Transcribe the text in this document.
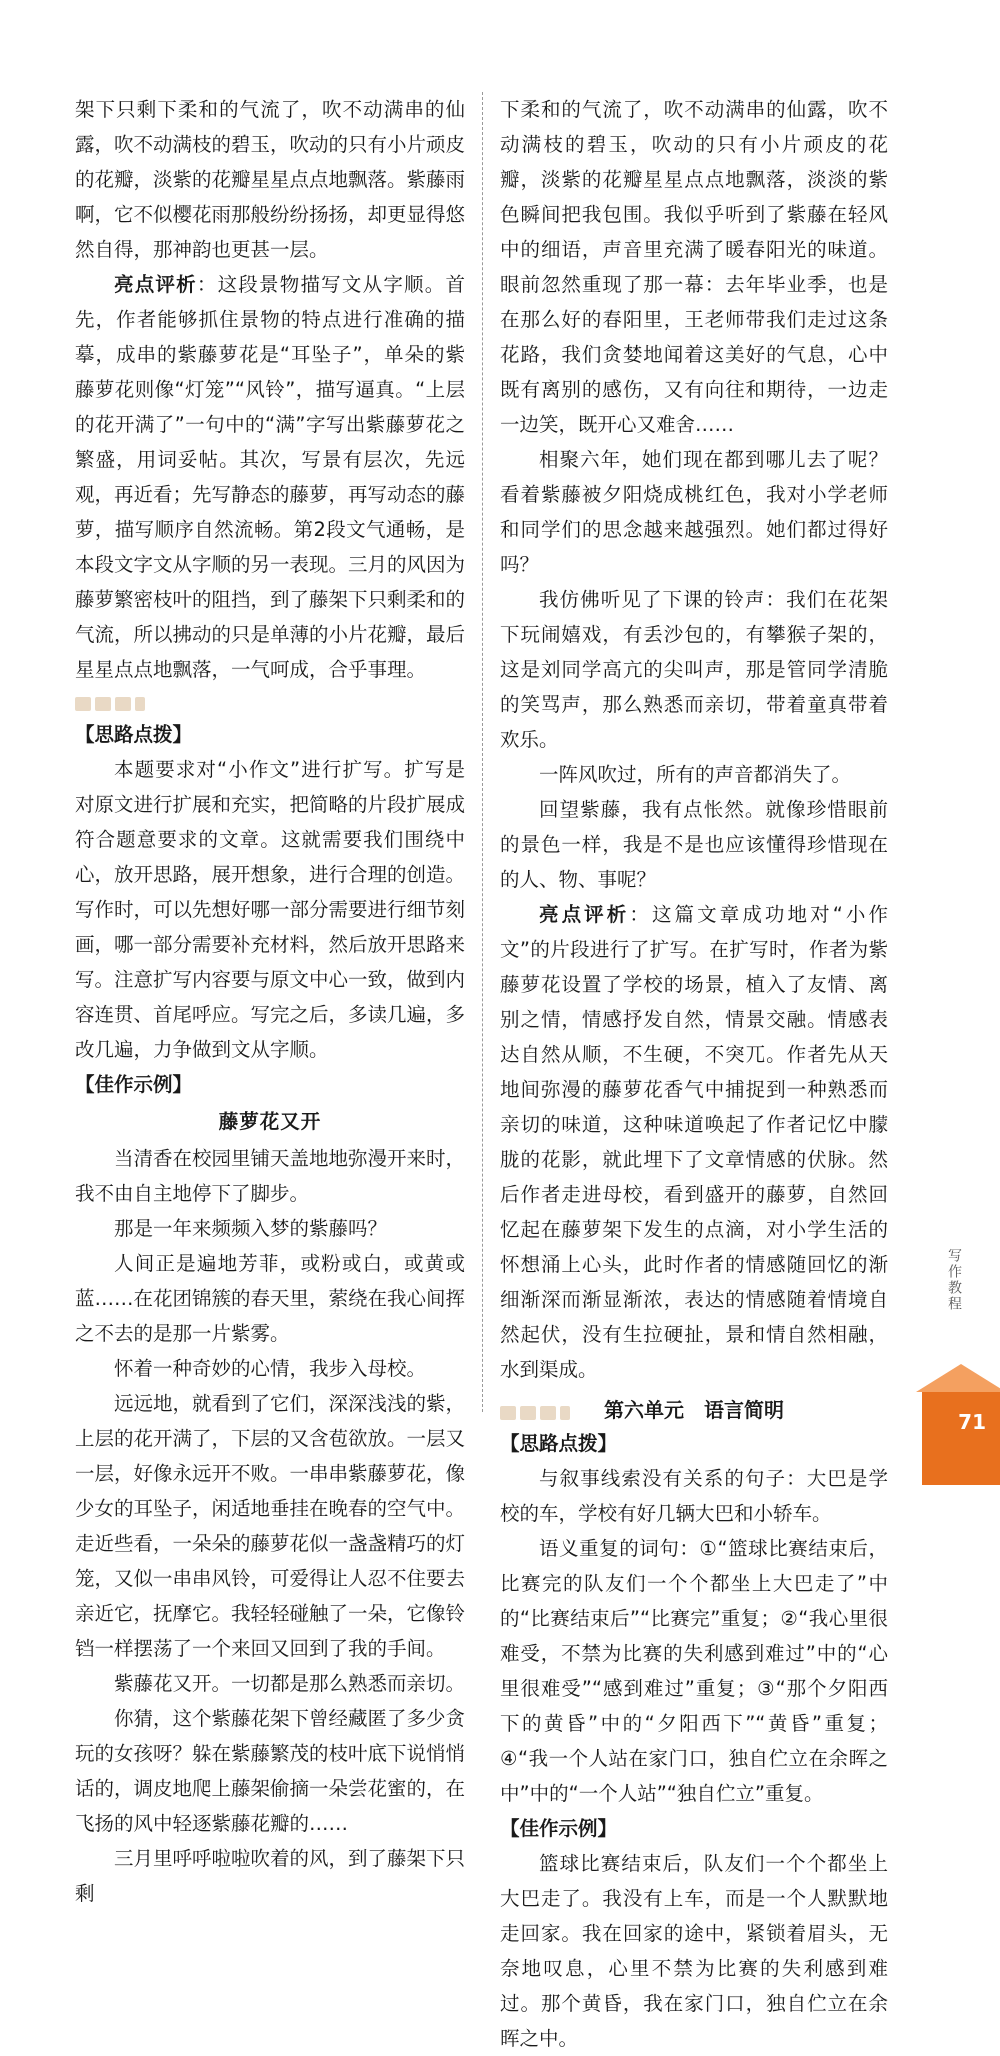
架下只剩下柔和的气流了，吹不动满串的仙露，吹不动满枝的碧玉，吹动的只有小片顽皮的花瓣，淡紫的花瓣星星点点地飘落。紫藤雨啊，它不似樱花雨那般纷纷扬扬，却更显得悠然自得，那神韵也更甚一层。

亮点评析：这段景物描写文从字顺。首先，作者能够抓住景物的特点进行准确的描摹，成串的紫藤萝花是“耳坠子”，单朵的紫藤萝花则像“灯笼”“风铃”，描写逼真。“上层的花开满了”一句中的“满”字写出紫藤萝花之繁盛，用词妥帖。其次，写景有层次，先远观，再近看；先写静态的藤萝，再写动态的藤萝，描写顺序自然流畅。第2段文气通畅，是本段文字文从字顺的另一表现。三月的风因为藤萝繁密枝叶的阻挡，到了藤架下只剩柔和的气流，所以拂动的只是单薄的小片花瓣，最后星星点点地飘落，一气呵成，合乎事理。

【思路点拨】

本题要求对“小作文”进行扩写。扩写是对原文进行扩展和充实，把简略的片段扩展成符合题意要求的文章。这就需要我们围绕中心，放开思路，展开想象，进行合理的创造。写作时，可以先想好哪一部分需要进行细节刻画，哪一部分需要补充材料，然后放开思路来写。注意扩写内容要与原文中心一致，做到内容连贯、首尾呼应。写完之后，多读几遍，多改几遍，力争做到文从字顺。

【佳作示例】

藤萝花又开

当清香在校园里铺天盖地地弥漫开来时，我不由自主地停下了脚步。

那是一年来频频入梦的紫藤吗？

人间正是遍地芳菲，或粉或白，或黄或蓝……在花团锦簇的春天里，萦绕在我心间挥之不去的是那一片紫雾。

怀着一种奇妙的心情，我步入母校。

远远地，就看到了它们，深深浅浅的紫，上层的花开满了，下层的又含苞欲放。一层又一层，好像永远开不败。一串串紫藤萝花，像少女的耳坠子，闲适地垂挂在晚春的空气中。走近些看，一朵朵的藤萝花似一盏盏精巧的灯笼，又似一串串风铃，可爱得让人忍不住要去亲近它，抚摩它。我轻轻碰触了一朵，它像铃铛一样摆荡了一个来回又回到了我的手间。

紫藤花又开。一切都是那么熟悉而亲切。

你猜，这个紫藤花架下曾经藏匿了多少贪玩的女孩呀？躲在紫藤繁茂的枝叶底下说悄悄话的，调皮地爬上藤架偷摘一朵尝花蜜的，在飞扬的风中轻逐紫藤花瓣的……

三月里呼呼啦啦吹着的风，到了藤架下只剩

下柔和的气流了，吹不动满串的仙露，吹不动满枝的碧玉，吹动的只有小片顽皮的花瓣，淡紫的花瓣星星点点地飘落，淡淡的紫色瞬间把我包围。我似乎听到了紫藤在轻风中的细语，声音里充满了暖春阳光的味道。眼前忽然重现了那一幕：去年毕业季，也是在那么好的春阳里，王老师带我们走过这条花路，我们贪婪地闻着这美好的气息，心中既有离别的感伤，又有向往和期待，一边走一边笑，既开心又难舍……

相聚六年，她们现在都到哪儿去了呢？看着紫藤被夕阳烧成桃红色，我对小学老师和同学们的思念越来越强烈。她们都过得好吗？

我仿佛听见了下课的铃声：我们在花架下玩闹嬉戏，有丢沙包的，有攀猴子架的，这是刘同学高亢的尖叫声，那是管同学清脆的笑骂声，那么熟悉而亲切，带着童真带着欢乐。

一阵风吹过，所有的声音都消失了。

回望紫藤，我有点怅然。就像珍惜眼前的景色一样，我是不是也应该懂得珍惜现在的人、物、事呢？

亮点评析：这篇文章成功地对“小作文”的片段进行了扩写。在扩写时，作者为紫藤萝花设置了学校的场景，植入了友情、离别之情，情感抒发自然，情景交融。情感表达自然从顺，不生硬，不突兀。作者先从天地间弥漫的藤萝花香气中捕捉到一种熟悉而亲切的味道，这种味道唤起了作者记忆中朦胧的花影，就此埋下了文章情感的伏脉。然后作者走进母校，看到盛开的藤萝，自然回忆起在藤萝架下发生的点滴，对小学生活的怀想涌上心头，此时作者的情感随回忆的渐细渐深而渐显渐浓，表达的情感随着情境自然起伏，没有生拉硬扯，景和情自然相融，水到渠成。

第六单元　语言简明

【思路点拨】

与叙事线索没有关系的句子：大巴是学校的车，学校有好几辆大巴和小轿车。

语义重复的词句：①“篮球比赛结束后，比赛完的队友们一个个都坐上大巴走了”中的“比赛结束后”“比赛完”重复；②“我心里很难受，不禁为比赛的失利感到难过”中的“心里很难受”“感到难过”重复；③“那个夕阳西下的黄昏”中的“夕阳西下”“黄昏”重复；④“我一个人站在家门口，独自伫立在余晖之中”中的“一个人站”“独自伫立”重复。

【佳作示例】

篮球比赛结束后，队友们一个个都坐上大巴走了。我没有上车，而是一个人默默地走回家。我在回家的途中，紧锁着眉头，无奈地叹息，心里不禁为比赛的失利感到难过。那个黄昏，我在家门口，独自伫立在余晖之中。

写作教程
71
